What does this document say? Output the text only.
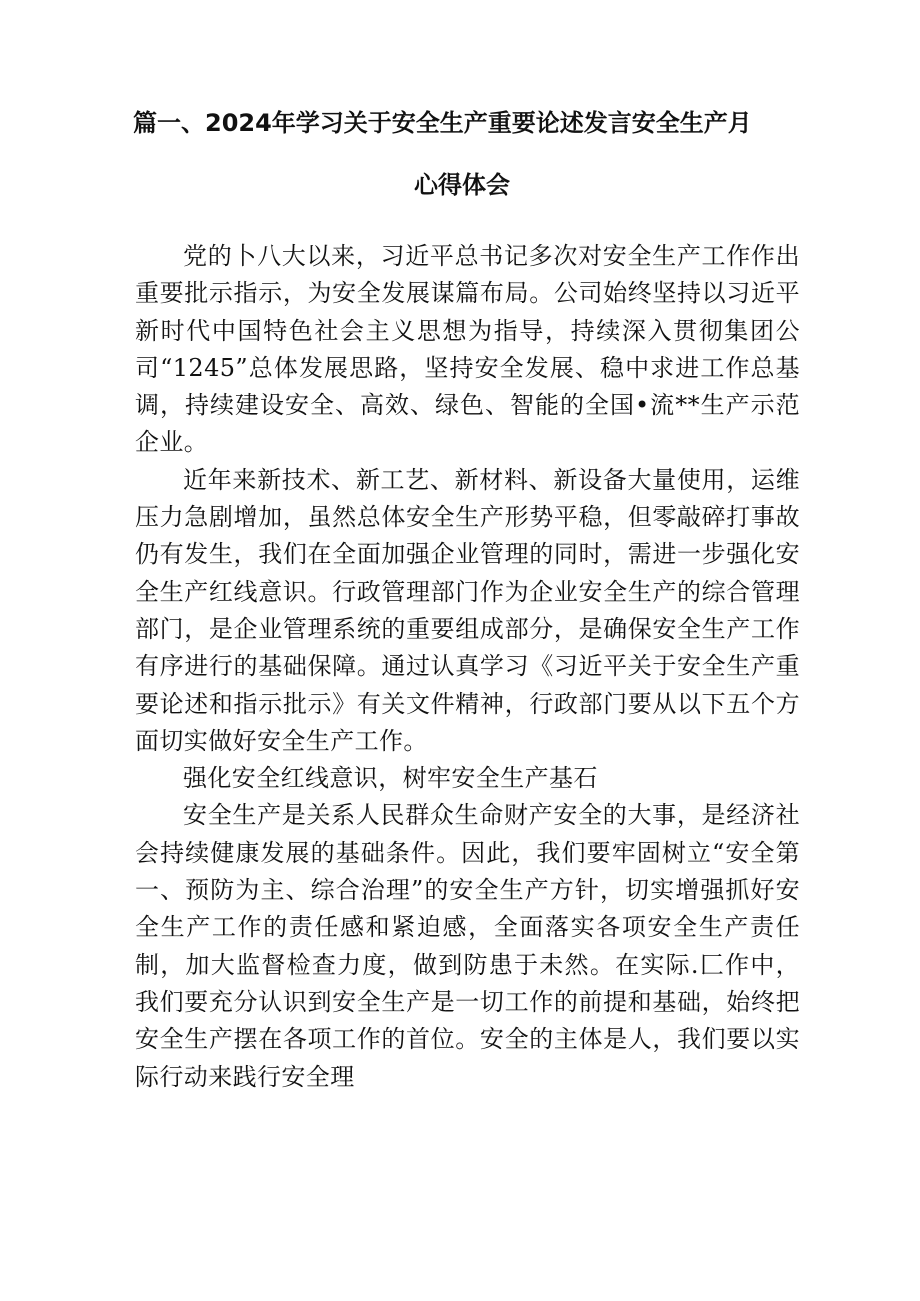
篇一、2024年学习关于安全生产重要论述发言安全生产月
心得体会

党的卜八大以来，习近平总书记多次对安全生产工作作出重要批示指示，为安全发展谋篇布局。公司始终坚持以习近平新时代中国特色社会主义思想为指导，持续深入贯彻集团公司“1245”总体发展思路，坚持安全发展、稳中求进工作总基调，持续建设安全、高效、绿色、智能的全国•流**生产示范企业。

近年来新技术、新工艺、新材料、新设备大量使用，运维压力急剧增加，虽然总体安全生产形势平稳，但零敲碎打事故仍有发生，我们在全面加强企业管理的同时，需进一步强化安全生产红线意识。行政管理部门作为企业安全生产的综合管理部门，是企业管理系统的重要组成部分，是确保安全生产工作有序进行的基础保障。通过认真学习《习近平关于安全生产重要论述和指示批示》有关文件精神，行政部门要从以下五个方面切实做好安全生产工作。

强化安全红线意识，树牢安全生产基石

安全生产是关系人民群众生命财产安全的大事，是经济社会持续健康发展的基础条件。因此，我们要牢固树立“安全第一、预防为主、综合治理”的安全生产方针，切实增强抓好安全生产工作的责任感和紧迫感，全面落实各项安全生产责任制，加大监督检查力度，做到防患于未然。在实际.匚作中，我们要充分认识到安全生产是一切工作的前提和基础，始终把安全生产摆在各项工作的首位。安全的主体是人，我们要以实际行动来践行安全理
